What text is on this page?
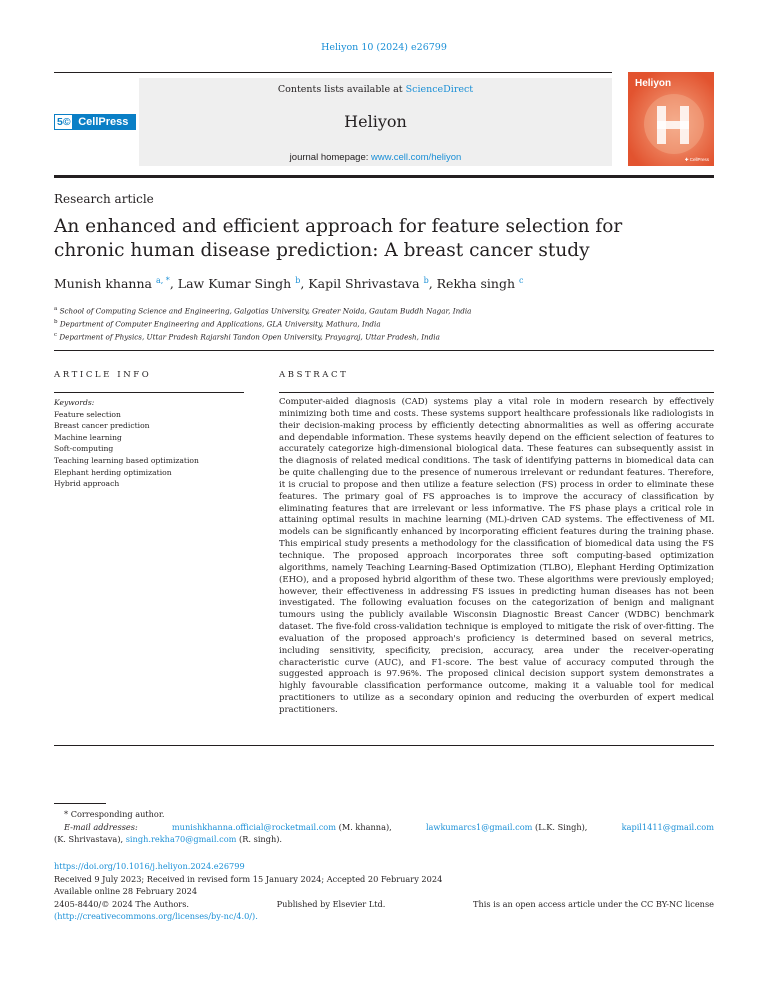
Heliyon 10 (2024) e26799
5© CellPress
Contents lists available at ScienceDirect
Heliyon
journal homepage: www.cell.com/heliyon
Heliyon
✚ CellPress
Research article
An enhanced and efficient approach for feature selection for chronic human disease prediction: A breast cancer study
Munish khanna $^{a, *}$, Law Kumar Singh $^b$, Kapil Shrivastava $^b$, Rekha singh $^c$
$^a$ School of Computing Science and Engineering, Galgotias University, Greater Noida, Gautam Buddh Nagar, India
$^b$ Department of Computer Engineering and Applications, GLA University, Mathura, India
$^c$ Department of Physics, Uttar Pradesh Rajarshi Tandon Open University, Prayagraj, Uttar Pradesh, India
ARTICLE INFO	ABSTRACT
Keywords:
Feature selection
Breast cancer prediction
Machine learning
Soft-computing
Teaching learning based optimization
Elephant herding optimization
Hybrid approach

Computer-aided diagnosis (CAD) systems play a vital role in modern research by effectively minimizing both time and costs. These systems support healthcare professionals like radiologists in their decision-making process by efficiently detecting abnormalities as well as offering accurate and dependable information. These systems heavily depend on the efficient selection of features to accurately categorize high-dimensional biological data. These features can subsequently assist in the diagnosis of related medical conditions. The task of identifying patterns in biomedical data can be quite challenging due to the presence of numerous irrelevant or redundant features. Therefore, it is crucial to propose and then utilize a feature selection (FS) process in order to eliminate these features. The primary goal of FS approaches is to improve the accuracy of classification by eliminating features that are irrelevant or less informative. The FS phase plays a critical role in attaining optimal results in machine learning (ML)-driven CAD systems. The effectiveness of ML models can be significantly enhanced by incorporating efficient features during the training phase. This empirical study presents a methodology for the classification of biomedical data using the FS technique. The proposed approach incorporates three soft computing-based optimization algorithms, namely Teaching Learning-Based Optimization (TLBO), Elephant Herding Optimization (EHO), and a proposed hybrid algorithm of these two. These algorithms were previously employed; however, their effectiveness in addressing FS issues in predicting human diseases has not been investigated. The following evaluation focuses on the categorization of benign and malignant tumours using the publicly available Wisconsin Diagnostic Breast Cancer (WDBC) benchmark dataset. The five-fold cross-validation technique is employed to mitigate the risk of over-fitting. The evaluation of the proposed approach's proficiency is determined based on several metrics, including sensitivity, specificity, precision, accuracy, area under the receiver-operating characteristic curve (AUC), and F1-score. The best value of accuracy computed through the suggested approach is 97.96%. The proposed clinical decision support system demonstrates a highly favourable classification performance outcome, making it a valuable tool for medical practitioners to utilize as a secondary opinion and reducing the overburden of expert medical practitioners.

* Corresponding author.
E-mail addresses:	munishkhanna.official@rocketmail.com (M. khanna),	lawkumarcs1@gmail.com (L.K. Singh),	kapil1411@gmail.com
(K. Shrivastava), singh.rekha70@gmail.com (R. singh).
https://doi.org/10.1016/j.heliyon.2024.e26799
Received 9 July 2023; Received in revised form 15 January 2024; Accepted 20 February 2024
Available online 28 February 2024
2405-8440/© 2024 The Authors.	Published by Elsevier Ltd.	This is an open access article under the CC BY-NC license
(http://creativecommons.org/licenses/by-nc/4.0/).
